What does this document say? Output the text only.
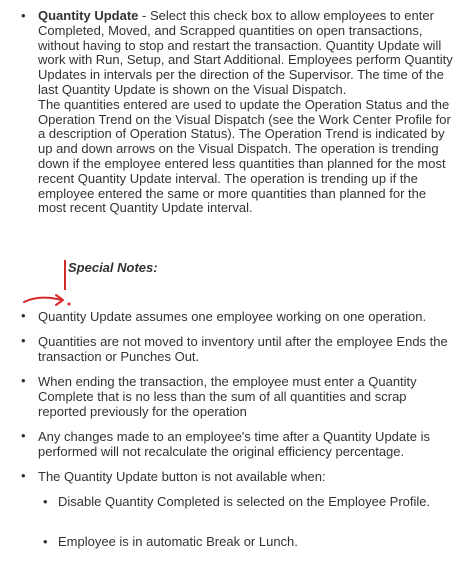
• Quantity Update - Select this check box to allow employees to enter Completed, Moved, and Scrapped quantities on open transactions, without having to stop and restart the transaction. Quantity Update will work with Run, Setup, and Start Additional. Employees perform Quantity Updates in intervals per the direction of the Supervisor. The time of the last Quantity Update is shown on the Visual Dispatch.

The quantities entered are used to update the Operation Status and the Operation Trend on the Visual Dispatch (see the Work Center Profile for a description of Operation Status). The Operation Trend is indicated by up and down arrows on the Visual Dispatch. The operation is trending down if the employee entered less quantities than planned for the most recent Quantity Update interval. The operation is trending up if the employee entered the same or more quantities than planned for the most recent Quantity Update interval.

Special Notes:
• Quantity Update assumes one employee working on one operation.
• Quantities are not moved to inventory until after the employee Ends the transaction or Punches Out.
• When ending the transaction, the employee must enter a Quantity Complete that is no less than the sum of all quantities and scrap reported previously for the operation
• Any changes made to an employee's time after a Quantity Update is performed will not recalculate the original efficiency percentage.
• The Quantity Update button is not available when:
• Disable Quantity Completed is selected on the Employee Profile.
• Employee is in automatic Break or Lunch.
